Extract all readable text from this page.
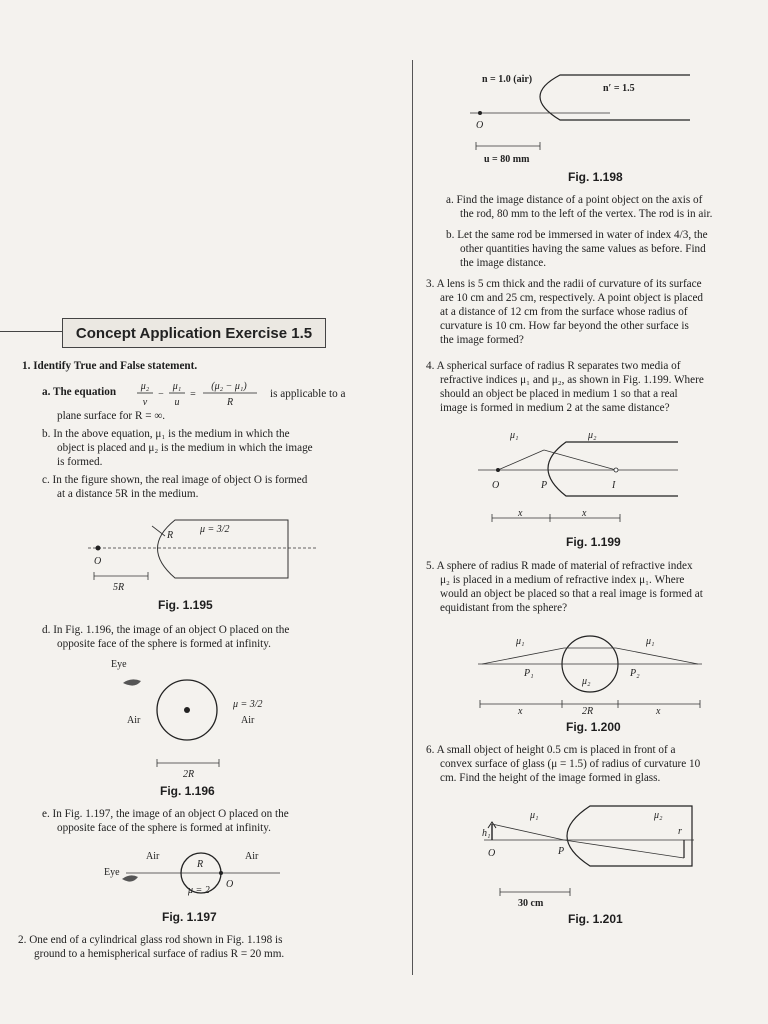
Concept Application Exercise 1.5
1. Identify True and False statement.
a. The equation	μ₂
v
−
μ₁
u
=
(μ₂ − μ₁)
R
is applicable to a
plane surface for R = ∞.
b. In the above equation, μ₁ is the medium in which the
object is placed and μ₂ is the medium in which the image
is formed.
c. In the figure shown, the real image of object O is formed
at a distance 5R in the medium.
O
R
μ = 3/2
5R
Fig. 1.195
d. In Fig. 1.196, the image of an object O placed on the
opposite face of the sphere is formed at infinity.
Eye
Air	Air
μ = 3/2
2R
Fig. 1.196
e. In Fig. 1.197, the image of an object O placed on the
opposite face of the sphere is formed at infinity.
Air	Air
Eye
R
μ = 2
O
Fig. 1.197
2. One end of a cylindrical glass rod shown in Fig. 1.198 is
ground to a hemispherical surface of radius R = 20 mm.
n = 1.0 (air)
n′ = 1.5
O
u = 80 mm
Fig. 1.198
a. Find the image distance of a point object on the axis of
the rod, 80 mm to the left of the vertex. The rod is in air.
b. Let the same rod be immersed in water of index 4/3, the
other quantities having the same values as before. Find
the image distance.
3. A lens is 5 cm thick and the radii of curvature of its surface
are 10 cm and 25 cm, respectively. A point object is placed
at a distance of 12 cm from the surface whose radius of
curvature is 10 cm. How far beyond the other surface is
the image formed?
4. A spherical surface of radius R separates two media of
refractive indices μ₁ and μ₂, as shown in Fig. 1.199. Where
should an object be placed in medium 1 so that a real
image is formed in medium 2 at the same distance?
μ₁	μ₂
O	P	I
x	x
Fig. 1.199
5. A sphere of radius R made of material of refractive index
μ₂ is placed in a medium of refractive index μ₁. Where
would an object be placed so that a real image is formed at
equidistant from the sphere?
μ₁	μ₁
P₁
μ₂
P₂
x	2R	x
Fig. 1.200
6. A small object of height 0.5 cm is placed in front of a
convex surface of glass (μ = 1.5) of radius of curvature 10
cm. Find the height of the image formed in glass.
h₁	r
μ₁	μ₂
O	P
30 cm
Fig. 1.201
